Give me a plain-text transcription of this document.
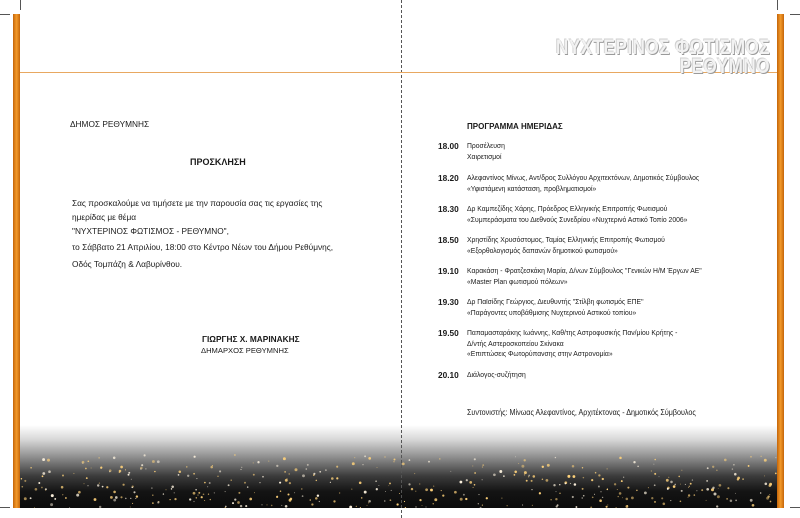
ΝΥΧΤΕΡΙΝΟΣ ΦΩΤΙΣΜΟΣ
ΡΕΘΥΜΝΟ
ΔΗΜΟΣ ΡΕΘΥΜΝΗΣ
ΠΡΟΣΚΛΗΣΗ
Σας προσκαλούμε να τιμήσετε με την παρουσία σας τις εργασίες της
ημερίδας με θέμα
"ΝΥΧΤΕΡΙΝΟΣ ΦΩΤΙΣΜΟΣ - ΡΕΘΥΜΝΟ",
το Σάββατο 21 Απριλίου, 18:00 στο Κέντρο Νέων του Δήμου Ρεθύμνης,
Οδός Τομπάζη & Λαβυρίνθου.
ΓΙΩΡΓΗΣ Χ. ΜΑΡΙΝΑΚΗΣ
ΔΗΜΑΡΧΟΣ ΡΕΘΥΜΝΗΣ
ΠΡΟΓΡΑΜΜΑ ΗΜΕΡΙΔΑΣ
18.00 Προσέλευση
Χαιρετισμοί
18.20 Αλεφαντίνος Μίνως, Αντ/δρος Συλλόγου Αρχιτεκτόνων, Δημοτικός Σύμβουλος
«Υφιστάμενη κατάσταση, προβληματισμοί»
18.30 Δρ Καμπεζίδης Χάρης, Πρόεδρος Ελληνικής Επιτροπής Φωτισμού
«Συμπεράσματα του Διεθνούς Συνεδρίου «Νυχτερινό Αστικό Τοπίο 2006»
18.50 Χρηστίδης Χρυσόστομος, Ταμίας Ελληνικής Επιτροπής Φωτισμού
«Εξορθολογισμός δαπανών δημοτικού φωτισμού»
19.10 Καρακάση - Φρατζεσκάκη Μαρία, Δ/νων Σύμβουλος "Γενικών Η/Μ Έργων ΑΕ"
«Master Plan φωτισμού πόλεων»
19.30 Δρ Παϊσίδης Γεώργιος, Διευθυντής "Στίλβη φωτισμός ΕΠΕ"
«Παράγοντες υποβάθμισης Νυχτερινού Αστικού τοπίου»
19.50 Παπαμασταράκης Ιωάννης, Καθ/της Αστροφυσικής Παν/μίου Κρήτης -
Δ/ντής Αστεροσκοπείου Σκίνακα
«Επιπτώσεις Φωτορύπανσης στην Αστρονομία»
20.10 Διάλογος-συζήτηση
Συντονιστής: Μίνωας Αλεφαντίνος, Αρχιτέκτονας - Δημοτικός Σύμβουλος
